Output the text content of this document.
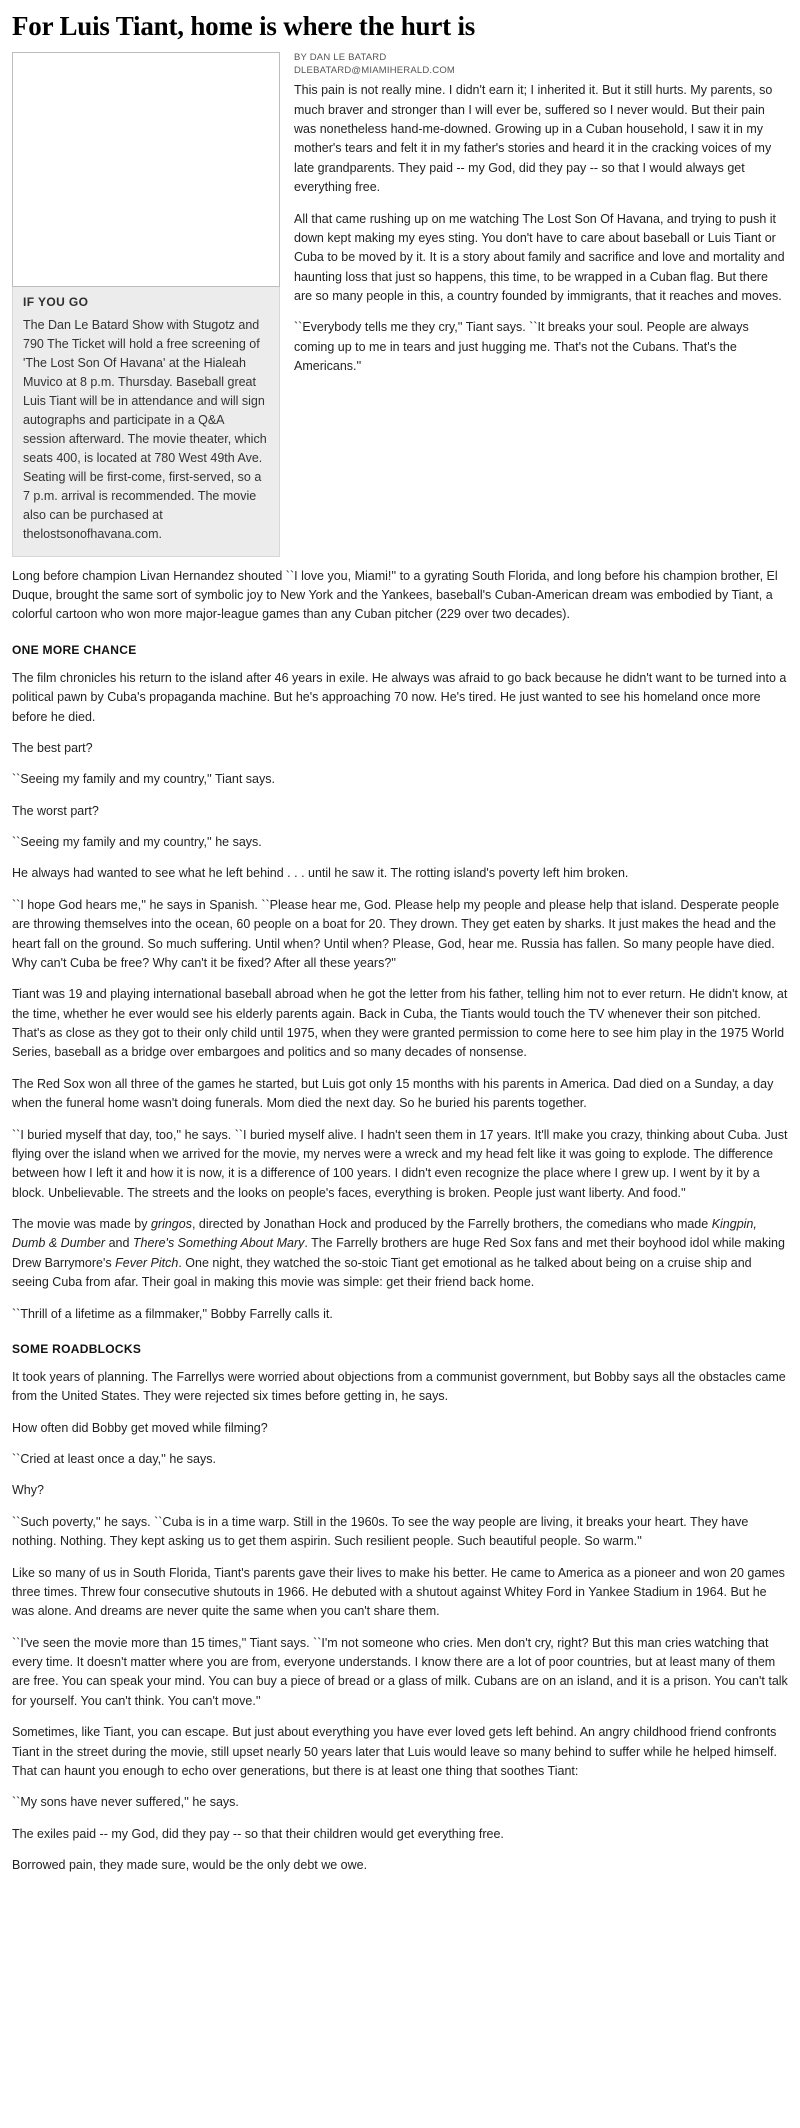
For Luis Tiant, home is where the hurt is
IF YOU GO
The Dan Le Batard Show with Stugotz and 790 The Ticket will hold a free screening of 'The Lost Son Of Havana' at the Hialeah Muvico at 8 p.m. Thursday. Baseball great Luis Tiant will be in attendance and will sign autographs and participate in a Q&A session afterward. The movie theater, which seats 400, is located at 780 West 49th Ave. Seating will be first-come, first-served, so a 7 p.m. arrival is recommended. The movie also can be purchased at thelostsonofhavana.com.
BY DAN LE BATARD
DLEBATARD@MIAMIHERALD.COM

This pain is not really mine. I didn't earn it; I inherited it. But it still hurts. My parents, so much braver and stronger than I will ever be, suffered so I never would. But their pain was nonetheless hand-me-downed. Growing up in a Cuban household, I saw it in my mother's tears and felt it in my father's stories and heard it in the cracking voices of my late grandparents. They paid -- my God, did they pay -- so that I would always get everything free.

All that came rushing up on me watching The Lost Son Of Havana, and trying to push it down kept making my eyes sting. You don't have to care about baseball or Luis Tiant or Cuba to be moved by it. It is a story about family and sacrifice and love and mortality and haunting loss that just so happens, this time, to be wrapped in a Cuban flag. But there are so many people in this, a country founded by immigrants, that it reaches and moves.

``Everybody tells me they cry,'' Tiant says. ``It breaks your soul. People are always coming up to me in tears and just hugging me. That's not the Cubans. That's the Americans.''

Long before champion Livan Hernandez shouted ``I love you, Miami!'' to a gyrating South Florida, and long before his champion brother, El Duque, brought the same sort of symbolic joy to New York and the Yankees, baseball's Cuban-American dream was embodied by Tiant, a colorful cartoon who won more major-league games than any Cuban pitcher (229 over two decades).

ONE MORE CHANCE

The film chronicles his return to the island after 46 years in exile. He always was afraid to go back because he didn't want to be turned into a political pawn by Cuba's propaganda machine. But he's approaching 70 now. He's tired. He just wanted to see his homeland once more before he died.

The best part?

``Seeing my family and my country,'' Tiant says.

The worst part?

``Seeing my family and my country,'' he says.

He always had wanted to see what he left behind . . . until he saw it. The rotting island's poverty left him broken.

``I hope God hears me,'' he says in Spanish. ``Please hear me, God. Please help my people and please help that island. Desperate people are throwing themselves into the ocean, 60 people on a boat for 20. They drown. They get eaten by sharks. It just makes the head and the heart fall on the ground. So much suffering. Until when? Until when? Please, God, hear me. Russia has fallen. So many people have died. Why can't Cuba be free? Why can't it be fixed? After all these years?''

Tiant was 19 and playing international baseball abroad when he got the letter from his father, telling him not to ever return. He didn't know, at the time, whether he ever would see his elderly parents again. Back in Cuba, the Tiants would touch the TV whenever their son pitched. That's as close as they got to their only child until 1975, when they were granted permission to come here to see him play in the 1975 World Series, baseball as a bridge over embargoes and politics and so many decades of nonsense.

The Red Sox won all three of the games he started, but Luis got only 15 months with his parents in America. Dad died on a Sunday, a day when the funeral home wasn't doing funerals. Mom died the next day. So he buried his parents together.

``I buried myself that day, too,'' he says. ``I buried myself alive. I hadn't seen them in 17 years. It'll make you crazy, thinking about Cuba. Just flying over the island when we arrived for the movie, my nerves were a wreck and my head felt like it was going to explode. The difference between how I left it and how it is now, it is a difference of 100 years. I didn't even recognize the place where I grew up. I went by it by a block. Unbelievable. The streets and the looks on people's faces, everything is broken. People just want liberty. And food.''

The movie was made by gringos, directed by Jonathan Hock and produced by the Farrelly brothers, the comedians who made Kingpin, Dumb & Dumber and There's Something About Mary. The Farrelly brothers are huge Red Sox fans and met their boyhood idol while making Drew Barrymore's Fever Pitch. One night, they watched the so-stoic Tiant get emotional as he talked about being on a cruise ship and seeing Cuba from afar. Their goal in making this movie was simple: get their friend back home.

``Thrill of a lifetime as a filmmaker,'' Bobby Farrelly calls it.

SOME ROADBLOCKS

It took years of planning. The Farrellys were worried about objections from a communist government, but Bobby says all the obstacles came from the United States. They were rejected six times before getting in, he says.

How often did Bobby get moved while filming?

``Cried at least once a day,'' he says.

Why?

``Such poverty,'' he says. ``Cuba is in a time warp. Still in the 1960s. To see the way people are living, it breaks your heart. They have nothing. Nothing. They kept asking us to get them aspirin. Such resilient people. Such beautiful people. So warm.''

Like so many of us in South Florida, Tiant's parents gave their lives to make his better. He came to America as a pioneer and won 20 games three times. Threw four consecutive shutouts in 1966. He debuted with a shutout against Whitey Ford in Yankee Stadium in 1964. But he was alone. And dreams are never quite the same when you can't share them.

``I've seen the movie more than 15 times,'' Tiant says. ``I'm not someone who cries. Men don't cry, right? But this man cries watching that every time. It doesn't matter where you are from, everyone understands. I know there are a lot of poor countries, but at least many of them are free. You can speak your mind. You can buy a piece of bread or a glass of milk. Cubans are on an island, and it is a prison. You can't talk for yourself. You can't think. You can't move.''

Sometimes, like Tiant, you can escape. But just about everything you have ever loved gets left behind. An angry childhood friend confronts Tiant in the street during the movie, still upset nearly 50 years later that Luis would leave so many behind to suffer while he helped himself. That can haunt you enough to echo over generations, but there is at least one thing that soothes Tiant:

``My sons have never suffered,'' he says.

The exiles paid -- my God, did they pay -- so that their children would get everything free.

Borrowed pain, they made sure, would be the only debt we owe.
